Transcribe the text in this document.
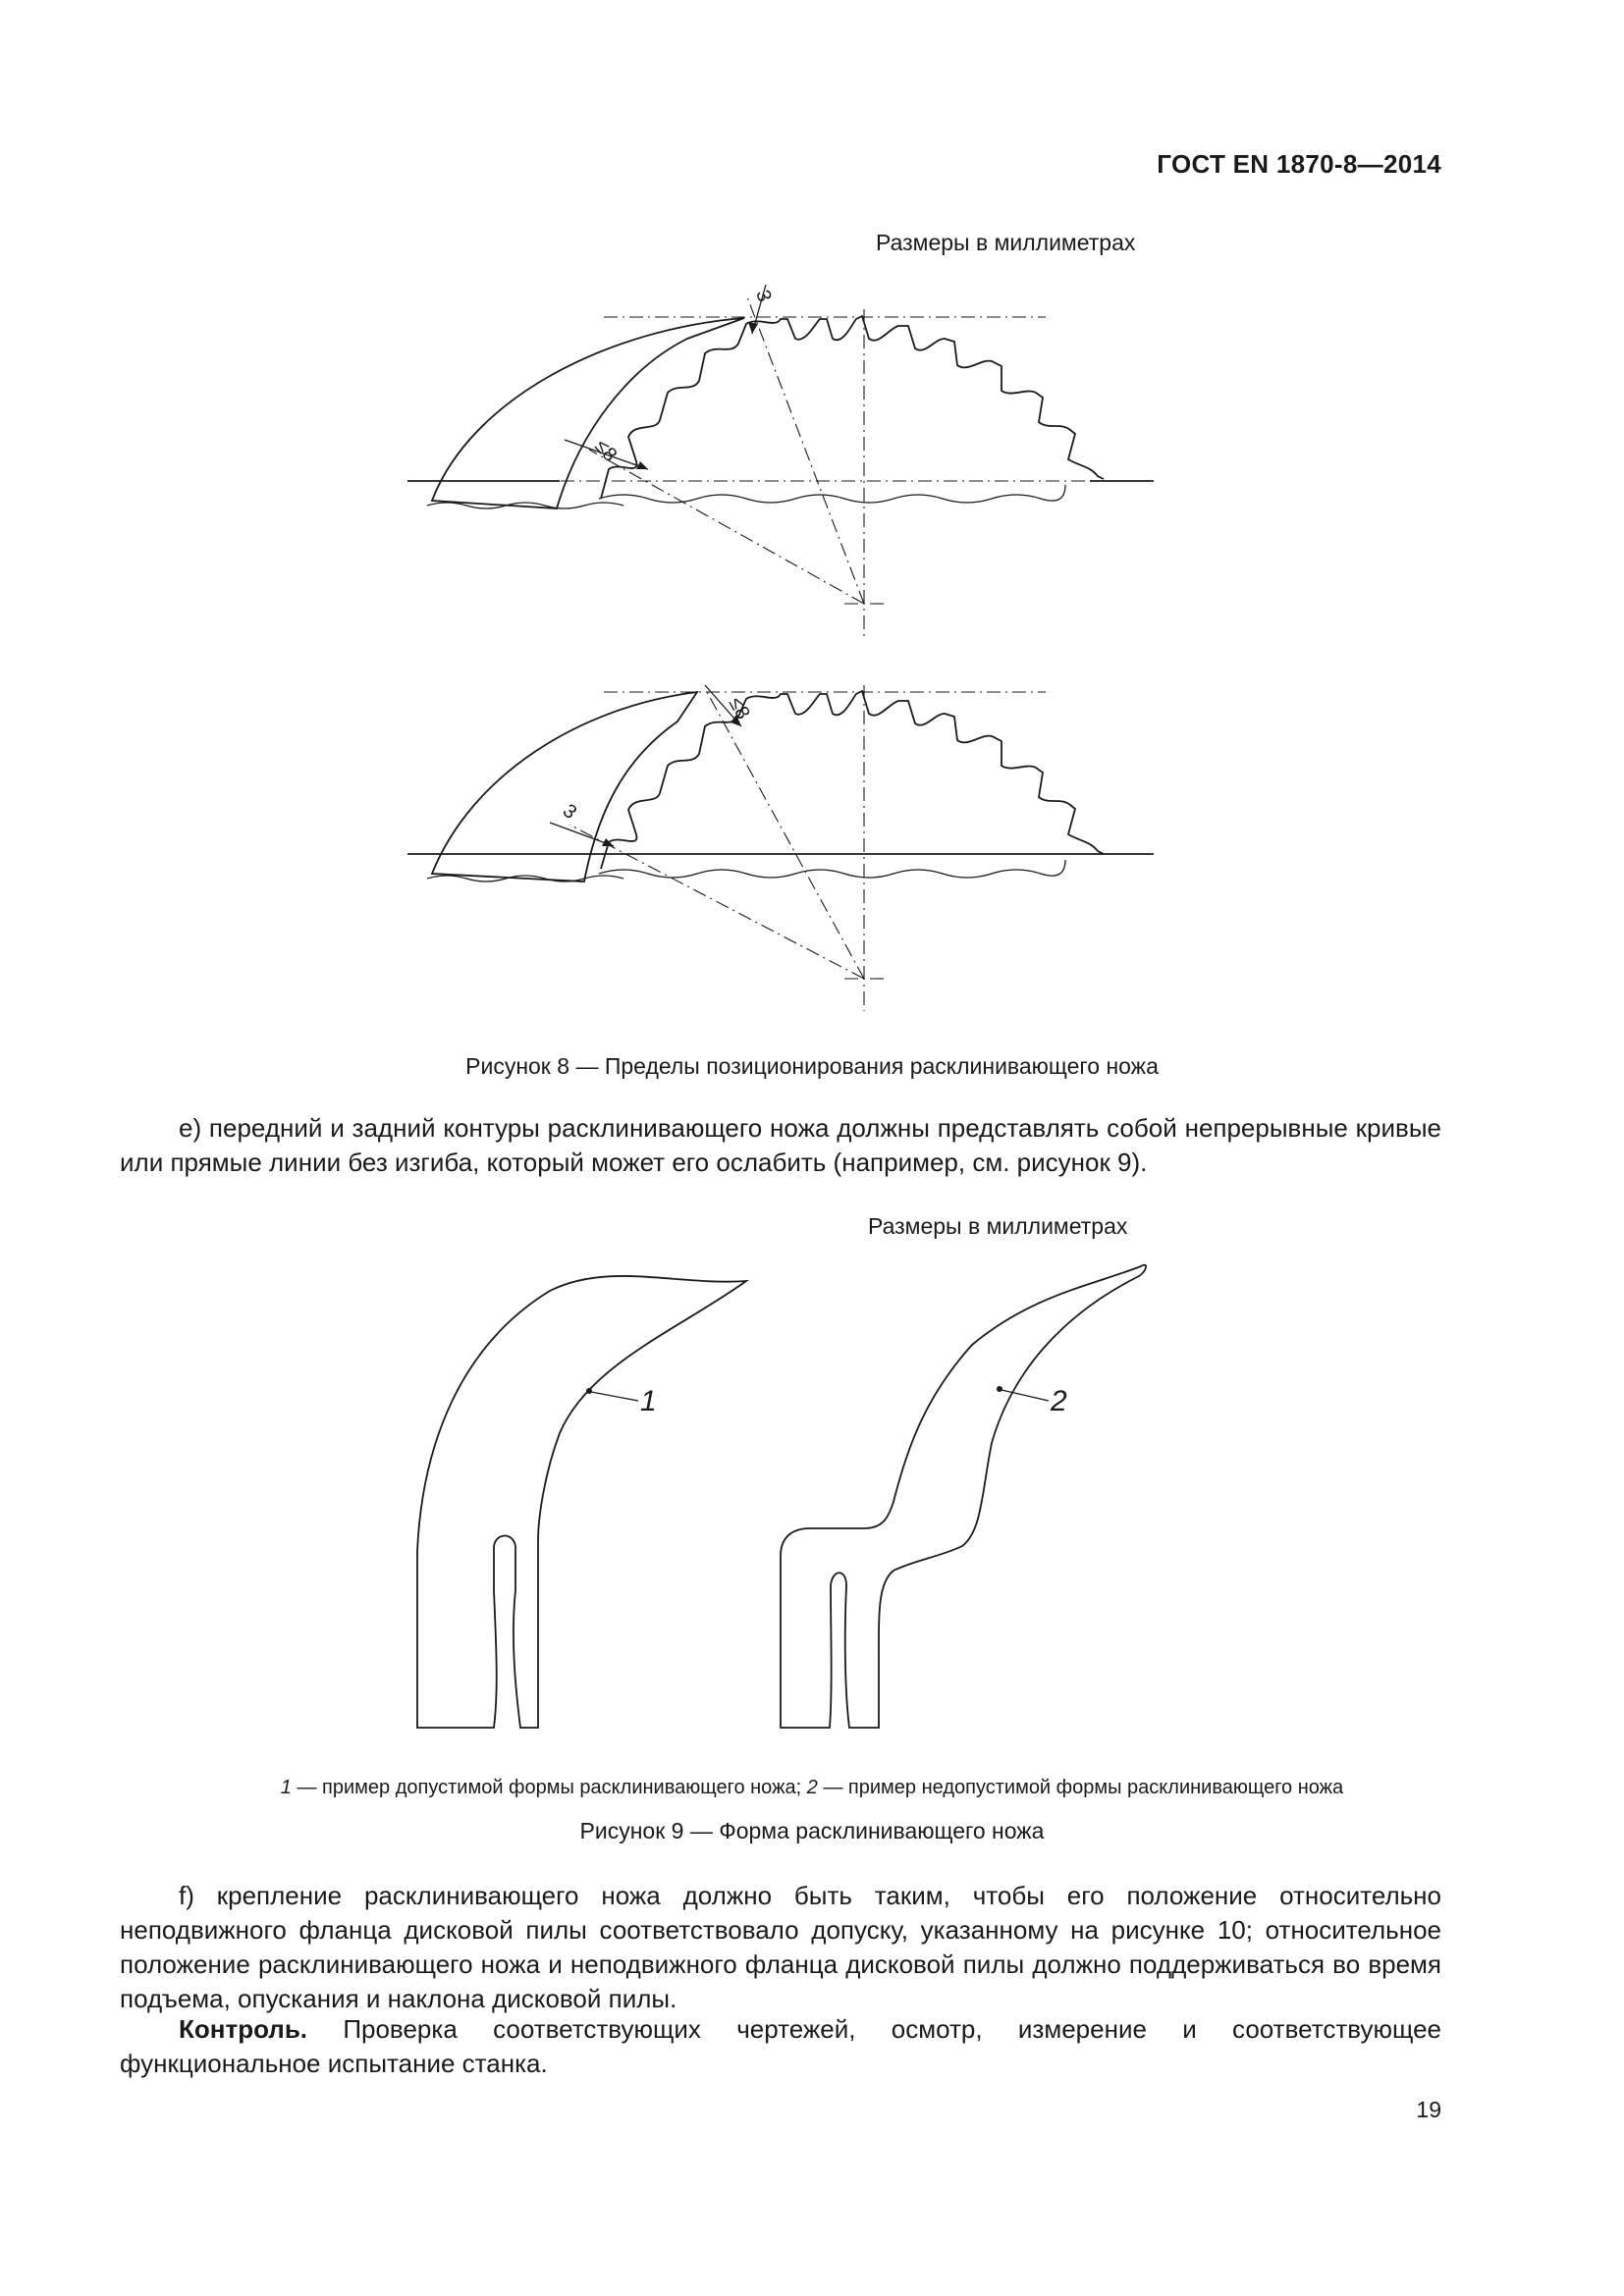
ГОСТ EN 1870-8—2014
Размеры в миллиметрах
3
≤8
≤8
3
1	2
Рисунок 8 — Пределы позиционирования расклинивающего ножа
е) передний и задний контуры расклинивающего ножа должны представлять собой непрерывные кривые или прямые линии без изгиба, который может его ослабить (например, см. рисунок 9).
Размеры в миллиметрах
1 — пример допустимой формы расклинивающего ножа; 2 — пример недопустимой формы расклинивающего ножа
Рисунок 9 — Форма расклинивающего ножа
f) крепление расклинивающего ножа должно быть таким, чтобы его положение относительно неподвижного фланца дисковой пилы соответствовало допуску, указанному на рисунке 10; относительное положение расклинивающего ножа и неподвижного фланца дисковой пилы должно поддерживаться во время подъема, опускания и наклона дисковой пилы.
Контроль. Проверка соответствующих чертежей, осмотр, измерение и соответствующее функциональное испытание станка.
19
